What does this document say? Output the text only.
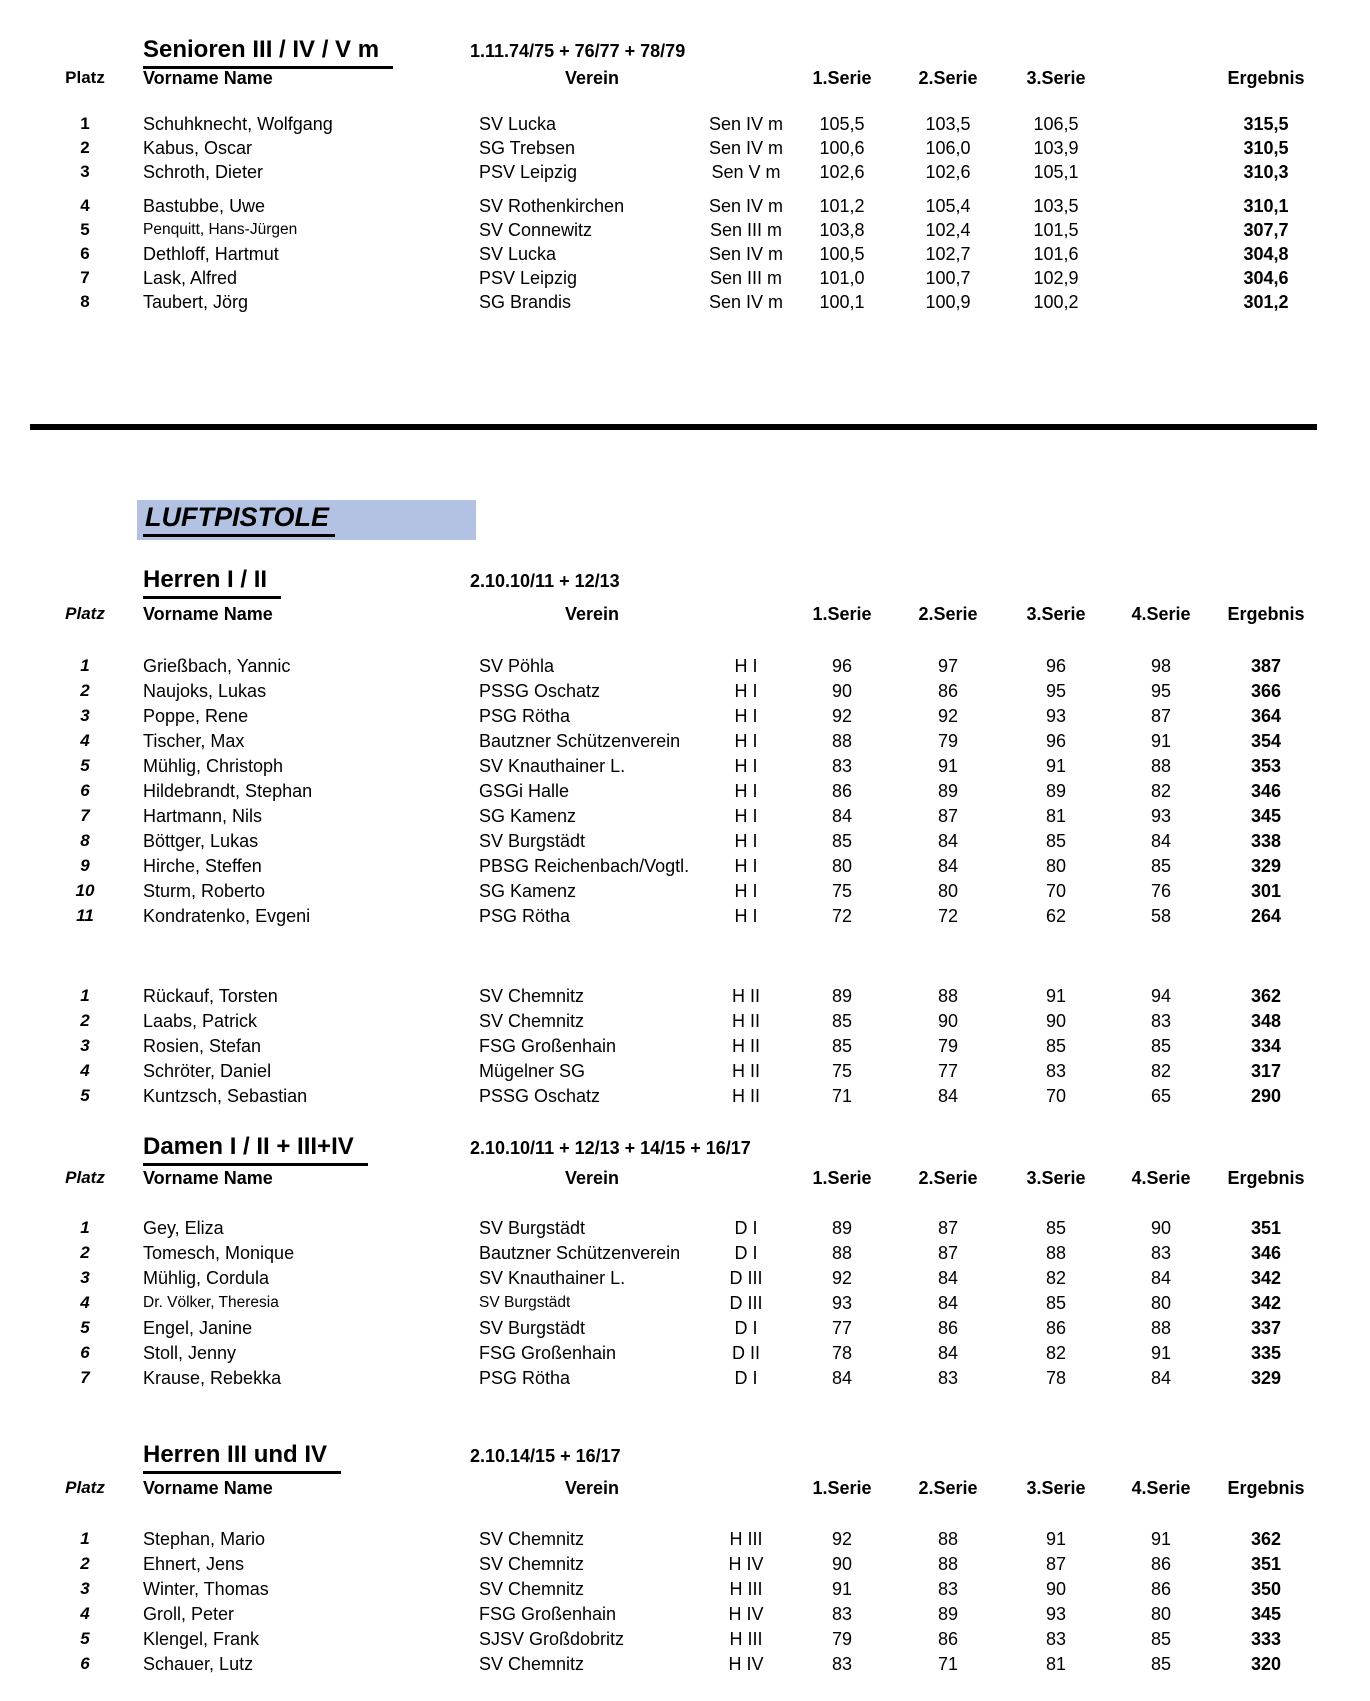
Senioren III / IV / V m	1.11.74/75 + 76/77 + 78/79
Platz	Vorname Name	Verein	1.Serie	2.Serie	3.Serie	Ergebnis
1	Schuhknecht, Wolfgang	SV Lucka	Sen IV m	105,5	103,5	106,5	315,5
2	Kabus, Oscar	SG Trebsen	Sen IV m	100,6	106,0	103,9	310,5
3	Schroth, Dieter	PSV Leipzig	Sen V m	102,6	102,6	105,1	310,3
4	Bastubbe, Uwe	SV Rothenkirchen	Sen IV m	101,2	105,4	103,5	310,1
5	Penquitt, Hans-Jürgen	SV Connewitz	Sen III m	103,8	102,4	101,5	307,7
6	Dethloff, Hartmut	SV Lucka	Sen IV m	100,5	102,7	101,6	304,8
7	Lask, Alfred	PSV Leipzig	Sen III m	101,0	100,7	102,9	304,6
8	Taubert, Jörg	SG Brandis	Sen IV m	100,1	100,9	100,2	301,2
Herren I / II	2.10.10/11 + 12/13
Platz	Vorname Name	Verein	1.Serie	2.Serie	3.Serie	4.Serie	Ergebnis
1	Grießbach, Yannic	SV Pöhla	H I	96	97	96	98	387
2	Naujoks, Lukas	PSSG Oschatz	H I	90	86	95	95	366
3	Poppe, Rene	PSG Rötha	H I	92	92	93	87	364
4	Tischer, Max	Bautzner Schützenverein	H I	88	79	96	91	354
5	Mühlig, Christoph	SV Knauthainer L.	H I	83	91	91	88	353
6	Hildebrandt, Stephan	GSGi Halle	H I	86	89	89	82	346
7	Hartmann, Nils	SG Kamenz	H I	84	87	81	93	345
8	Böttger, Lukas	SV Burgstädt	H I	85	84	85	84	338
9	Hirche, Steffen	PBSG Reichenbach/Vogtl.	H I	80	84	80	85	329
10	Sturm, Roberto	SG Kamenz	H I	75	80	70	76	301
11	Kondratenko, Evgeni	PSG Rötha	H I	72	72	62	58	264
1	Rückauf, Torsten	SV Chemnitz	H II	89	88	91	94	362
2	Laabs, Patrick	SV Chemnitz	H II	85	90	90	83	348
3	Rosien, Stefan	FSG Großenhain	H II	85	79	85	85	334
4	Schröter, Daniel	Mügelner SG	H II	75	77	83	82	317
5	Kuntzsch, Sebastian	PSSG Oschatz	H II	71	84	70	65	290
Damen I / II + III+IV	2.10.10/11 + 12/13 + 14/15 + 16/17
Platz	Vorname Name	Verein	1.Serie	2.Serie	3.Serie	4.Serie	Ergebnis
1	Gey, Eliza	SV Burgstädt	D I	89	87	85	90	351
2	Tomesch, Monique	Bautzner Schützenverein	D I	88	87	88	83	346
3	Mühlig, Cordula	SV Knauthainer L.	D III	92	84	82	84	342
4	Dr. Völker, Theresia	SV Burgstädt	D III	93	84	85	80	342
5	Engel, Janine	SV Burgstädt	D I	77	86	86	88	337
6	Stoll, Jenny	FSG Großenhain	D II	78	84	82	91	335
7	Krause, Rebekka	PSG Rötha	D I	84	83	78	84	329
Herren III und IV	2.10.14/15 + 16/17
Platz	Vorname Name	Verein	1.Serie	2.Serie	3.Serie	4.Serie	Ergebnis
1	Stephan, Mario	SV Chemnitz	H III	92	88	91	91	362
2	Ehnert, Jens	SV Chemnitz	H IV	90	88	87	86	351
3	Winter, Thomas	SV Chemnitz	H III	91	83	90	86	350
4	Groll, Peter	FSG Großenhain	H IV	83	89	93	80	345
5	Klengel, Frank	SJSV Großdobritz	H III	79	86	83	85	333
6	Schauer, Lutz	SV Chemnitz	H IV	83	71	81	85	320
LUFTPISTOLE
